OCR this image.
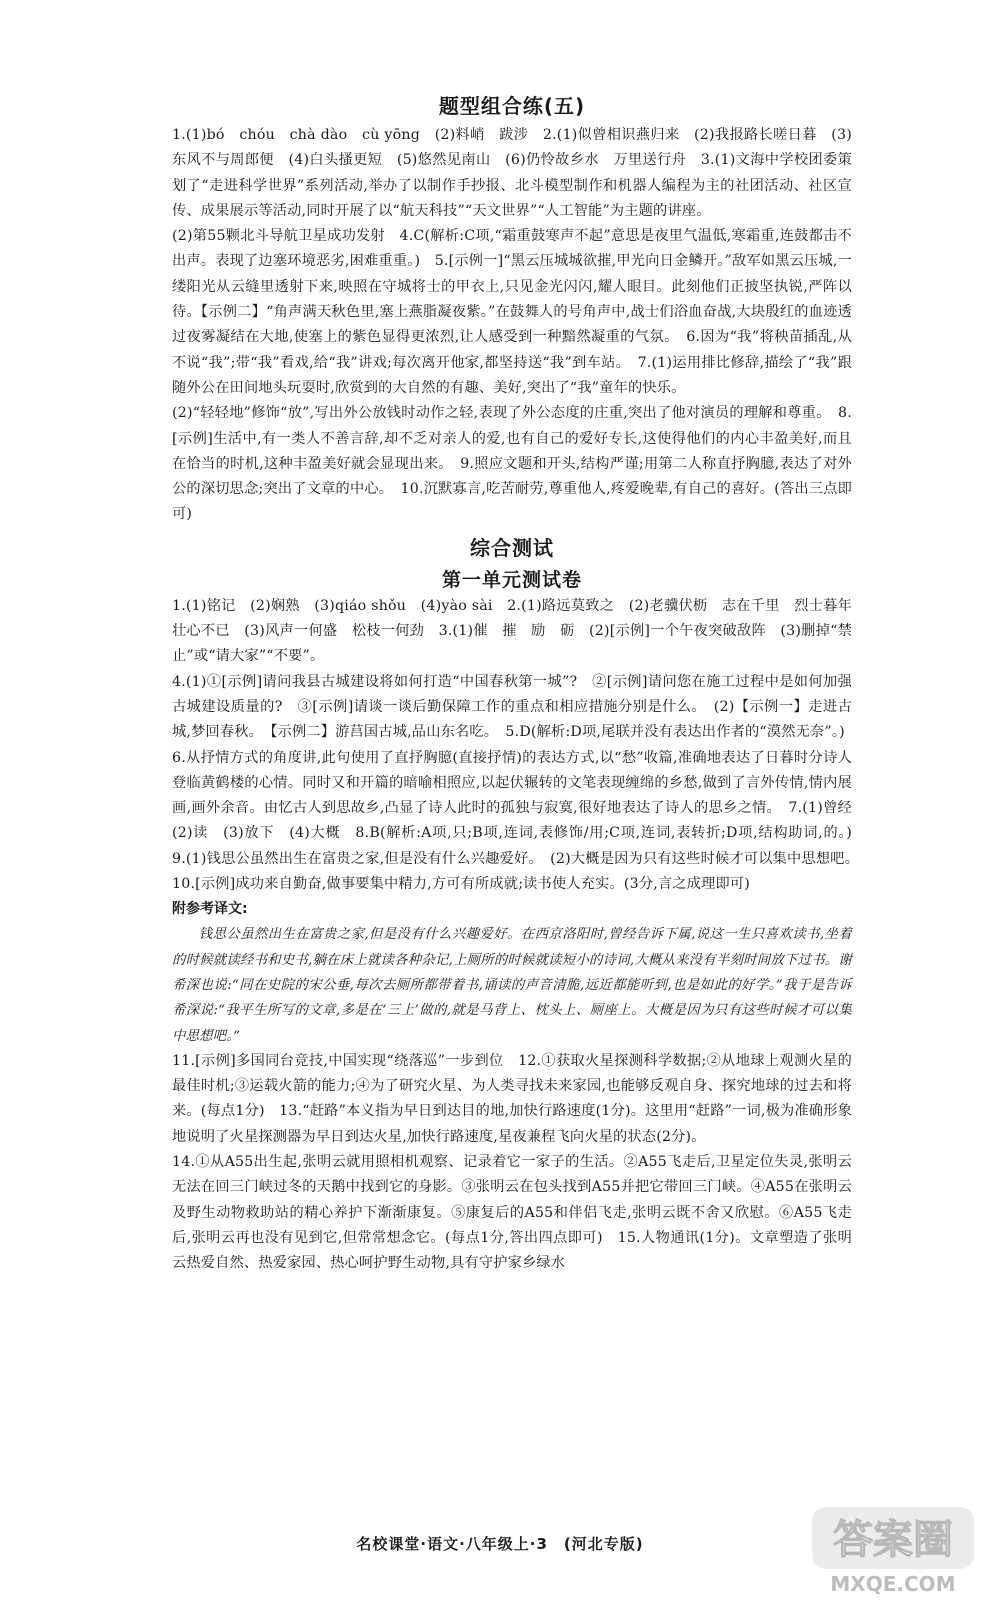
题型组合练(五)

1.(1)bó　chóu　chà dào　cù yōng　(2)料峭　跋涉　2.(1)似曾相识燕归来　(2)我报路长嗟日暮　(3)东风不与周郎便　(4)白头搔更短　(5)悠然见南山　(6)仍怜故乡水　万里送行舟　3.(1)文海中学校团委策划了“走进科学世界”系列活动,举办了以制作手抄报、北斗模型制作和机器人编程为主的社团活动、社区宣传、成果展示等活动,同时开展了以“航天科技”“天文世界”“人工智能”为主题的讲座。

(2)第55颗北斗导航卫星成功发射　4.C(解析:C项,“霜重鼓寒声不起”意思是夜里气温低,寒霜重,连鼓都击不出声。表现了边塞环境恶劣,困难重重。)　5.[示例一]“黑云压城城欲摧,甲光向日金鳞开。”敌军如黑云压城,一缕阳光从云缝里透射下来,映照在守城将士的甲衣上,只见金光闪闪,耀人眼目。此刻他们正披坚执锐,严阵以待。【示例二】“角声满天秋色里,塞上燕脂凝夜紫。”在鼓舞人的号角声中,战士们浴血奋战,大块殷红的血迹透过夜雾凝结在大地,使塞上的紫色显得更浓烈,让人感受到一种黯然凝重的气氛。　6.因为“我”将秧苗插乱,从不说“我”;带“我”看戏,给“我”讲戏;每次离开他家,都坚持送“我”到车站。　7.(1)运用排比修辞,描绘了“我”跟随外公在田间地头玩耍时,欣赏到的大自然的有趣、美好,突出了“我”童年的快乐。

(2)“轻轻地”修饰“放”,写出外公放钱时动作之轻,表现了外公态度的庄重,突出了他对演员的理解和尊重。　8.[示例]生活中,有一类人不善言辞,却不乏对亲人的爱,也有自己的爱好专长,这使得他们的内心丰盈美好,而且在恰当的时机,这种丰盈美好就会显现出来。　9.照应文题和开头,结构严谨;用第二人称直抒胸臆,表达了对外公的深切思念;突出了文章的中心。　10.沉默寡言,吃苦耐劳,尊重他人,疼爱晚辈,有自己的喜好。(答出三点即可)

综合测试
第一单元测试卷

1.(1)铭记　(2)娴熟　(3)qiáo shǒu　(4)yào sài　2.(1)路远莫致之　(2)老骥伏枥　志在千里　烈士暮年　壮心不已　(3)风声一何盛　松枝一何劲　3.(1)催　摧　励　砺　(2)[示例]一个午夜突破敌阵　(3)删掉“禁止”或“请大家”“不要”。

4.(1)①[示例]请问我县古城建设将如何打造“中国春秋第一城”?　②[示例]请问您在施工过程中是如何加强古城建设质量的?　③[示例]请谈一谈后勤保障工作的重点和相应措施分别是什么。　(2)【示例一】走进古城,梦回春秋。　【示例二】游莒国古城,品山东名吃。　5.D(解析:D项,尾联并没有表达出作者的“漠然无奈”。)

6.从抒情方式的角度讲,此句使用了直抒胸臆(直接抒情)的表达方式,以“愁”收篇,准确地表达了日暮时分诗人登临黄鹤楼的心情。同时又和开篇的暗喻相照应,以起伏辗转的文笔表现缠绵的乡愁,做到了言外传情,情内展画,画外余音。由忆古人到思故乡,凸显了诗人此时的孤独与寂寞,很好地表达了诗人的思乡之情。　7.(1)曾经　(2)读　(3)放下　(4)大概　8.B(解析:A项,只;B项,连词,表修饰/用;C项,连词,表转折;D项,结构助词,的。)　9.(1)钱思公虽然出生在富贵之家,但是没有什么兴趣爱好。　(2)大概是因为只有这些时候才可以集中思想吧。　10.[示例]成功来自勤奋,做事要集中精力,方可有所成就;读书使人充实。(3分,言之成理即可)

附参考译文:

钱思公虽然出生在富贵之家,但是没有什么兴趣爱好。在西京洛阳时,曾经告诉下属,说这一生只喜欢读书,坐着的时候就读经书和史书,躺在床上就读各种杂记,上厕所的时候就读短小的诗词,大概从来没有半刻时间放下过书。谢希深也说:“同在史院的宋公垂,每次去厕所都带着书,诵读的声音清脆,远近都能听到,也是如此的好学。”我于是告诉希深说:“我平生所写的文章,多是在‘三上’做的,就是马背上、枕头上、厕座上。大概是因为只有这些时候才可以集中思想吧。”

11.[示例]多国同台竞技,中国实现“绕落巡”一步到位　12.①获取火星探测科学数据;②从地球上观测火星的最佳时机;③运载火箭的能力;④为了研究火星、为人类寻找未来家园,也能够反观自身、探究地球的过去和将来。(每点1分)　13.“赶路”本义指为早日到达目的地,加快行路速度(1分)。这里用“赶路”一词,极为准确形象地说明了火星探测器为早日到达火星,加快行路速度,星夜兼程飞向火星的状态(2分)。

14.①从A55出生起,张明云就用照相机观察、记录着它一家子的生活。②A55飞走后,卫星定位失灵,张明云无法在回三门峡过冬的天鹅中找到它的身影。③张明云在包头找到A55并把它带回三门峡。④A55在张明云及野生动物救助站的精心养护下渐渐康复。⑤康复后的A55和伴侣飞走,张明云既不舍又欣慰。⑥A55飞走后,张明云再也没有见到它,但常常想念它。(每点1分,答出四点即可)　15.人物通讯(1分)。文章塑造了张明云热爱自然、热爱家园、热心呵护野生动物,具有守护家乡绿水

名校课堂·语文·八年级上·3　(河北专版)	答案圈
MXQE.COM
